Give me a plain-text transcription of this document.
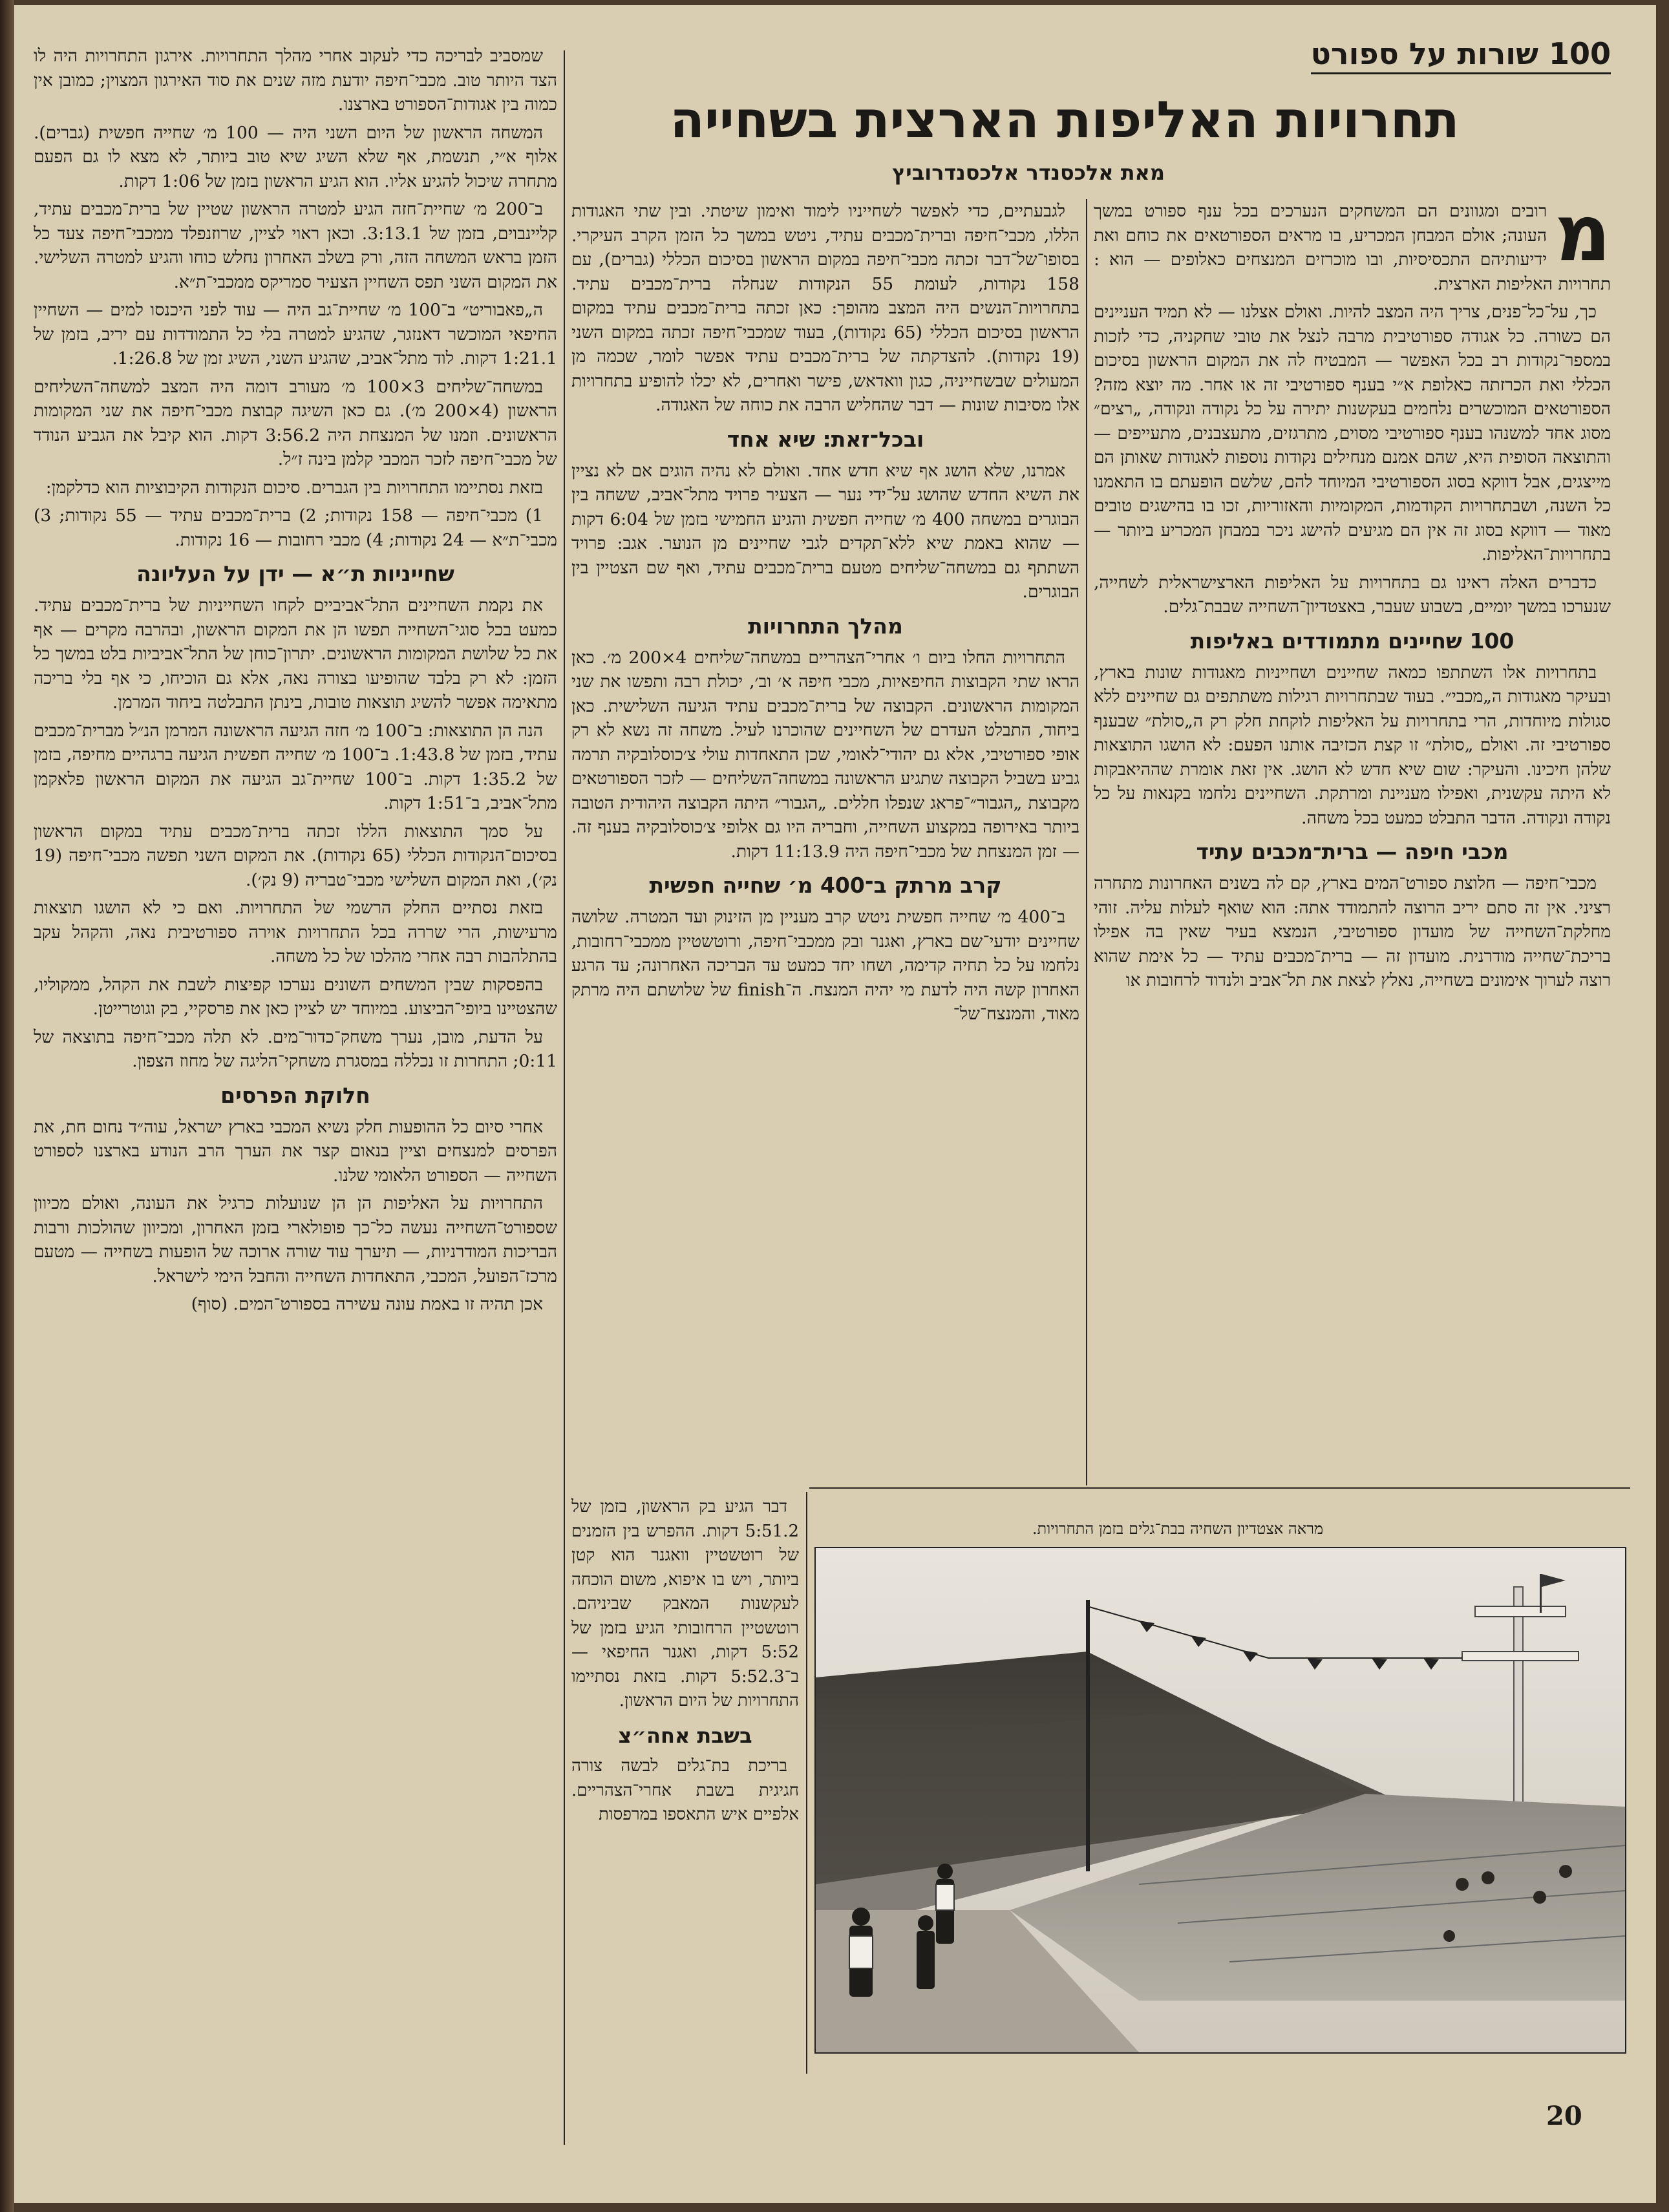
100 שורות על ספורט
תחרויות האליפות הארצית בשחייה
מאת אלכסנדר אלכסנדרוביץ

מ
רובים ומגוונים הם המשחקים הנערכים בכל ענף ספורט במשך העונה; אולם המבחן המכריע, בו מראים הספורטאים את כוחם ואת ידיעותיהם התכסיסיות, ובו מוכרזים המנצחים כאלופים — הוא : תחרויות האליפות הארצית.

כך, על־כל־פנים, צריך היה המצב להיות. ואולם אצלנו — לא תמיד העניינים הם כשורה. כל אגודה ספורטיבית מרבה לנצל את טובי שחקניה, כדי לזכות במספר־נקודות רב בכל האפשר — המבטיח לה את המקום הראשון בסיכום הכללי ואת הכרזתה כאלופת א״י בענף ספורטיבי זה או אחר. מה יוצא מזה? הספורטאים המוכשרים נלחמים בעקשנות יתירה על כל נקודה ונקודה, „רצים״ מסוג אחד למשנהו בענף ספורטיבי מסוים, מתרגזים, מתעצבנים, מתעייפים — והתוצאה הסופית היא, שהם אמנם מנחילים נקודות נוספות לאגודות שאותן הם מייצגים, אבל דווקא בסוג הספורטיבי המיוחד להם, שלשם הופעתם בו התאמנו כל השנה, ושבתחרויות הקודמות, המקומיות והאזוריות, זכו בו בהישגים טובים מאוד — דווקא בסוג זה אין הם מגיעים להישג ניכר במבחן המכריע ביותר — בתחרויות־האליפות.

כדברים האלה ראינו גם בתחרויות על האליפות הארצישראלית לשחייה, שנערכו במשך יומיים, בשבוע שעבר, באצטדיון־השחייה שבבת־גלים.

100 שחיינים מתמודדים באליפות

בתחרויות אלו השתתפו כמאה שחיינים ושחייניות מאגודות שונות בארץ, ובעיקר מאגודות ה„מכבי״. בעוד שבתחרויות רגילות משתתפים גם שחיינים ללא סגולות מיוחדות, הרי בתחרויות על האליפות לוקחת חלק רק ה„סולת״ שבענף ספורטיבי זה. ואולם „סולת״ זו קצת הכזיבה אותנו הפעם: לא הושגו התוצאות שלהן חיכינו. והעיקר: שום שיא חדש לא הושג. אין זאת אומרת שההיאבקות לא היתה עקשנית, ואפילו מעניינת ומרתקת. השחיינים נלחמו בקנאות על כל נקודה ונקודה. הדבר התבלט כמעט בכל משחה.

מכבי חיפה — ברית־מכבים עתיד

מכבי־חיפה — חלוצת ספורט־המים בארץ, קם לה בשנים האחרונות מתחרה רציני. אין זה סתם יריב הרוצה להתמודד אתה: הוא שואף לעלות עליה. זוהי מחלקת־השחייה של מועדון ספורטיבי, הנמצא בעיר שאין בה אפילו בריכת־שחייה מודרנית. מועדון זה — ברית־מכבים עתיד — כל אימת שהוא רוצה לערוך אימונים בשחייה, נאלץ לצאת את תל־אביב ולנדוד לרחובות או

לגבעתיים, כדי לאפשר לשחייניו לימוד ואימון שיטתי. ובין שתי האגודות הללו, מכבי־חיפה וברית־מכבים עתיד, ניטש במשך כל הזמן הקרב העיקרי. בסופו־של־דבר זכתה מכבי־חיפה במקום הראשון בסיכום הכללי (גברים), עם 158 נקודות, לעומת 55 הנקודות שנחלה ברית־מכבים עתיד. בתחרויות־הנשים היה המצב מהופך: כאן זכתה ברית־מכבים עתיד במקום הראשון בסיכום הכללי (65 נקודות), בעוד שמכבי־חיפה זכתה במקום השני (19 נקודות). להצדקתה של ברית־מכבים עתיד אפשר לומר, שכמה מן המעולים שבשחייניה, כגון וואדאש, פישר ואחרים, לא יכלו להופיע בתחרויות אלו מסיבות שונות — דבר שהחליש הרבה את כוחה של האגודה.

ובכל־זאת: שיא אחד

אמרנו, שלא הושג אף שיא חדש אחד. ואולם לא נהיה הוגים אם לא נציין את השיא החדש שהושג על־ידי נער — הצעיר פרויד מתל־אביב, ששחה בין הבוגרים במשחה 400 מ׳ שחייה חפשית והגיע החמישי בזמן של 6:04 דקות — שהוא באמת שיא ללא־תקדים לגבי שחיינים מן הנוער. אגב: פרויד השתתף גם במשחה־שליחים מטעם ברית־מכבים עתיד, ואף שם הצטיין בין הבוגרים.

מהלך התחרויות

התחרויות החלו ביום ו׳ אחרי־הצהריים במשחה־שליחים 4×200 מ׳. כאן הראו שתי הקבוצות החיפאיות, מכבי חיפה א׳ וב׳, יכולת רבה ותפשו את שני המקומות הראשונים. הקבוצה של ברית־מכבים עתיד הגיעה השלישית. כאן ביחוד, התבלט העדרם של השחיינים שהוכרנו לעיל. משחה זה נשא לא רק אופי ספורטיבי, אלא גם יהודי־לאומי, שכן התאחדות עולי צ׳כוסלובקיה תרמה גביע בשביל הקבוצה שתגיע הראשונה במשחה־השליחים — לזכר הספורטאים מקבוצת „הגבור״־פראג שנפלו חללים. „הגבור״ היתה הקבוצה היהודית הטובה ביותר באירופה במקצוע השחייה, וחבריה היו גם אלופי צ׳כוסלובקיה בענף זה. — זמן המנצחת של מכבי־חיפה היה 11:13.9 דקות.

קרב מרתק ב־400 מ׳ שחייה חפשית

ב־400 מ׳ שחייה חפשית ניטש קרב מעניין מן הזינוק ועד המטרה. שלושה שחיינים יודעי־שם בארץ, ואגנר ובק ממכבי־חיפה, ורוטשטיין ממכבי־רחובות, נלחמו על כל תחיה קדימה, ושחו יחד כמעט עד הבריכה האחרונה; עד הרגע האחרון קשה היה לדעת מי יהיה המנצח. ה־finish של שלושתם היה מרתק מאוד, והמנצח־של־

דבר הגיע בק הראשון, בזמן של 5:51.2 דקות. ההפרש בין הזמנים של רוטשטיין וואגנר הוא קטן ביותר, ויש בו איפוא, משום הוכחה לעקשנות המאבק שביניהם. רוטשטיין הרחובותי הגיע בזמן של 5:52 דקות, ואגנר החיפאי — ב־5:52.3 דקות. בזאת נסתיימו התחרויות של היום הראשון.

בשבת אחה״צ

בריכת בת־גלים לבשה צורה חגיגית בשבת אחרי־הצהריים. אלפיים איש התאספו במרפסות

מראה אצטדיון השחיה בבת־גלים בזמן התחרויות.

שמסביב לבריכה כדי לעקוב אחרי מהלך התחרויות. אירגון התחרויות היה לו הצד היותר טוב. מכבי־חיפה יודעת מזה שנים את סוד האירגון המצוין; כמובן אין כמוה בין אגודות־הספורט בארצנו.

המשחה הראשון של היום השני היה — 100 מ׳ שחייה חפשית (גברים). אלוף א״י, תנשמת, אף שלא השיג שיא טוב ביותר, לא מצא לו גם הפעם מתחרה שיכול להגיע אליו. הוא הגיע הראשון בזמן של 1:06 דקות.

ב־200 מ׳ שחיית־חזה הגיע למטרה הראשון שטיין של ברית־מכבים עתיד, קליינבוים, בזמן של 3:13.1. וכאן ראוי לציין, שרוזנפלד ממכבי־חיפה צעד כל הזמן בראש המשחה הזה, ורק בשלב האחרון נחלש כוחו והגיע למטרה השלישי. את המקום השני תפס השחיין הצעיר סמריקס ממכבי־ת״א.

ה„פאבוריט״ ב־100 מ׳ שחיית־גב היה — עוד לפני היכנסו למים — השחיין החיפאי המוכשר דאנזגר, שהגיע למטרה בלי כל התמודדות עם יריב, בזמן של 1:21.1 דקות. לוד מתל־אביב, שהגיע השני, השיג זמן של 1:26.8.

במשחה־שליחים 3×100 מ׳ מעורב דומה היה המצב למשחה־השליחים הראשון (4×200 מ׳). גם כאן השיגה קבוצת מכבי־חיפה את שני המקומות הראשונים. וזמנו של המנצחת היה 3:56.2 דקות. הוא קיבל את הגביע הנודד של מכבי־חיפה לזכר המכבי קלמן בינה ז״ל.

בזאת נסתיימו התחרויות בין הגברים. סיכום הנקודות הקיבוציות הוא כדלקמן:

1) מכבי־חיפה — 158 נקודות; 2) ברית־מכבים עתיד — 55 נקודות; 3) מכבי־ת״א — 24 נקודות; 4) מכבי רחובות — 16 נקודות.

שחייניות ת״א — ידן על העליונה

את נקמת השחיינים התל־אביביים לקחו השחייניות של ברית־מכבים עתיד. כמעט בכל סוגי־השחייה תפשו הן את המקום הראשון, ובהרבה מקרים — אף את כל שלושת המקומות הראשונים. יתרון־כוחן של התל־אביביות בלט במשך כל הזמן: לא רק בלבד שהופיעו בצורה נאה, אלא גם הוכיחו, כי אף בלי בריכה מתאימה אפשר להשיג תוצאות טובות, בינתן התבלטה ביחוד המרמן.

הנה הן התוצאות: ב־100 מ׳ חזה הגיעה הראשונה המרמן הנ״ל מברית־מכבים עתיד, בזמן של 1:43.8. ב־100 מ׳ שחייה חפשית הגיעה ברגהיים מחיפה, בזמן של 1:35.2 דקות. ב־100 שחיית־גב הגיעה את המקום הראשון פלאקמן מתל־אביב, ב־1:51 דקות.

על סמך התוצאות הללו זכתה ברית־מכבים עתיד במקום הראשון בסיכום־הנקודות הכללי (65 נקודות). את המקום השני תפשה מכבי־חיפה (19 נק׳), ואת המקום השלישי מכבי־טבריה (9 נק׳).

בזאת נסתיים החלק הרשמי של התחרויות. ואם כי לא הושגו תוצאות מרעישות, הרי שררה בכל התחרויות אוירה ספורטיבית נאה, והקהל עקב בהתלהבות רבה אחרי מהלכו של כל משחה.

בהפסקות שבין המשחים השונים נערכו קפיצות לשבת את הקהל, ממקוליו, שהצטיינו ביופי־הביצוע. במיוחד יש לציין כאן את פרסקיי, בק וגוטרייטן.

על הדעת, מובן, נערך משחק־כדור־מים. לא תלה מכבי־חיפה בתוצאה של 0:11; התחרות זו נכללה במסגרת משחקי־הליגה של מחוז הצפון.

חלוקת הפרסים

אחרי סיום כל ההופעות חלק נשיא המכבי בארץ ישראל, עוה״ד נחום חת, את הפרסים למנצחים וציין בנאום קצר את הערך הרב הנודע בארצנו לספורט השחייה — הספורט הלאומי שלנו.

התחרויות על האליפות הן הן שנועלות כרגיל את העונה, ואולם מכיוון שספורט־השחייה נעשה כל־כך פופולארי בזמן האחרון, ומכיוון שהולכות ורבות הבריכות המודרניות, — תיערך עוד שורה ארוכה של הופעות בשחייה — מטעם מרכז־הפועל, המכבי, התאחדות השחייה והחבל הימי לישראל.

אכן תהיה זו באמת עונה עשירה בספורט־המים. (סוף)

20
